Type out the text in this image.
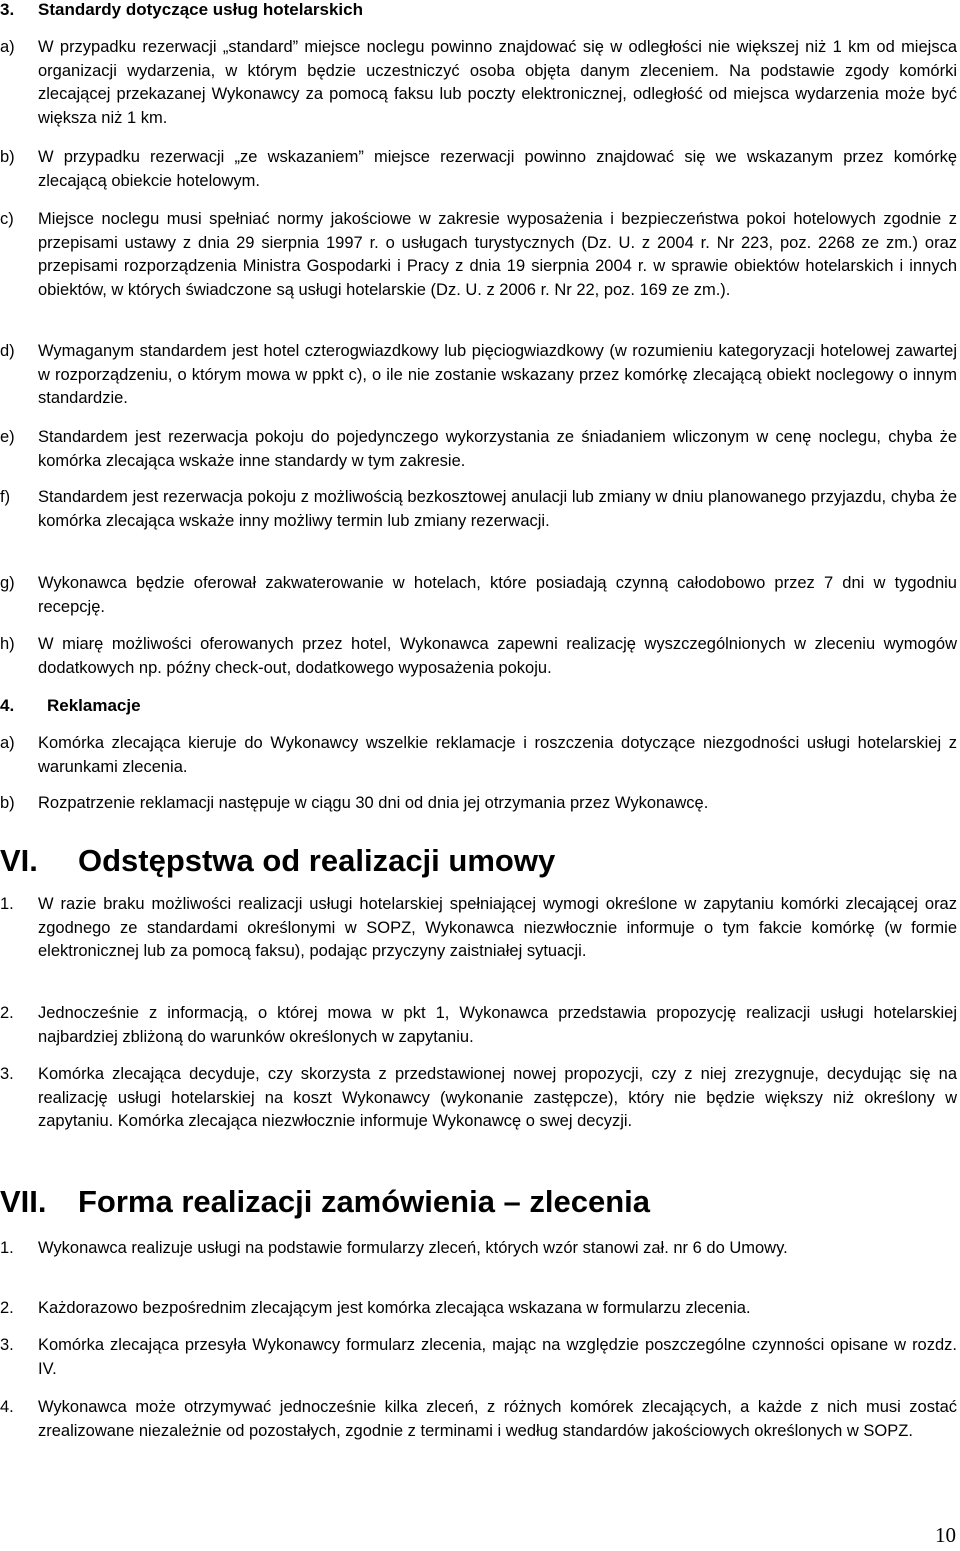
3. Standardy dotyczące usług hotelarskich
a) W przypadku rezerwacji „standard” miejsce noclegu powinno znajdować się w odległości nie większej niż 1 km od miejsca organizacji wydarzenia, w którym będzie uczestniczyć osoba objęta danym zleceniem. Na podstawie zgody komórki zlecającej przekazanej Wykonawcy za pomocą faksu lub poczty elektronicznej, odległość od miejsca wydarzenia może być większa niż 1 km.
b) W przypadku rezerwacji „ze wskazaniem” miejsce rezerwacji powinno znajdować się we wskazanym przez komórkę zlecającą obiekcie hotelowym.
c) Miejsce noclegu musi spełniać normy jakościowe w zakresie wyposażenia i bezpieczeństwa pokoi hotelowych zgodnie z przepisami ustawy z dnia 29 sierpnia 1997 r. o usługach turystycznych (Dz. U. z 2004 r. Nr 223, poz. 2268 ze zm.) oraz przepisami rozporządzenia Ministra Gospodarki i Pracy z dnia 19 sierpnia 2004 r. w sprawie obiektów hotelarskich i innych obiektów, w których świadczone są usługi hotelarskie (Dz. U. z 2006 r. Nr 22, poz. 169 ze zm.).
d) Wymaganym standardem jest hotel czterogwiazdkowy lub pięciogwiazdkowy (w rozumieniu kategoryzacji hotelowej zawartej w rozporządzeniu, o którym mowa w ppkt c), o ile nie zostanie wskazany przez komórkę zlecającą obiekt noclegowy o innym standardzie.
e) Standardem jest rezerwacja pokoju do pojedynczego wykorzystania ze śniadaniem wliczonym w cenę noclegu, chyba że komórka zlecająca wskaże inne standardy w tym zakresie.
f) Standardem jest rezerwacja pokoju z możliwością bezkosztowej anulacji lub zmiany w dniu planowanego przyjazdu, chyba że komórka zlecająca wskaże inny możliwy termin lub zmiany rezerwacji.
g) Wykonawca będzie oferował zakwaterowanie w hotelach, które posiadają czynną całodobowo przez 7 dni w tygodniu recepcję.
h) W miarę możliwości oferowanych przez hotel, Wykonawca zapewni realizację wyszczególnionych w zleceniu wymogów dodatkowych np. późny check-out, dodatkowego wyposażenia pokoju.
4. Reklamacje
a) Komórka zlecająca kieruje do Wykonawcy wszelkie reklamacje i roszczenia dotyczące niezgodności usługi hotelarskiej z warunkami zlecenia.
b) Rozpatrzenie reklamacji następuje w ciągu 30 dni od dnia jej otrzymania przez Wykonawcę.
VI. Odstępstwa od realizacji umowy
1. W razie braku możliwości realizacji usługi hotelarskiej spełniającej wymogi określone w zapytaniu komórki zlecającej oraz zgodnego ze standardami określonymi w SOPZ, Wykonawca niezwłocznie informuje o tym fakcie komórkę (w formie elektronicznej lub za pomocą faksu), podając przyczyny zaistniałej sytuacji.
2. Jednocześnie z informacją, o której mowa w pkt 1, Wykonawca przedstawia propozycję realizacji usługi hotelarskiej najbardziej zbliżoną do warunków określonych w zapytaniu.
3. Komórka zlecająca decyduje, czy skorzysta z przedstawionej nowej propozycji, czy z niej zrezygnuje, decydując się na realizację usługi hotelarskiej na koszt Wykonawcy (wykonanie zastępcze), który nie będzie większy niż określony w zapytaniu. Komórka zlecająca niezwłocznie informuje Wykonawcę o swej decyzji.
VII. Forma realizacji zamówienia – zlecenia
1. Wykonawca realizuje usługi na podstawie formularzy zleceń, których wzór stanowi zał. nr 6 do Umowy.
2. Każdorazowo bezpośrednim zlecającym jest komórka zlecająca wskazana w formularzu zlecenia.
3. Komórka zlecająca przesyła Wykonawcy formularz zlecenia, mając na względzie poszczególne czynności opisane w rozdz. IV.
4. Wykonawca może otrzymywać jednocześnie kilka zleceń, z różnych komórek zlecających, a każde z nich musi zostać zrealizowane niezależnie od pozostałych, zgodnie z terminami i według standardów jakościowych określonych w SOPZ.
10
